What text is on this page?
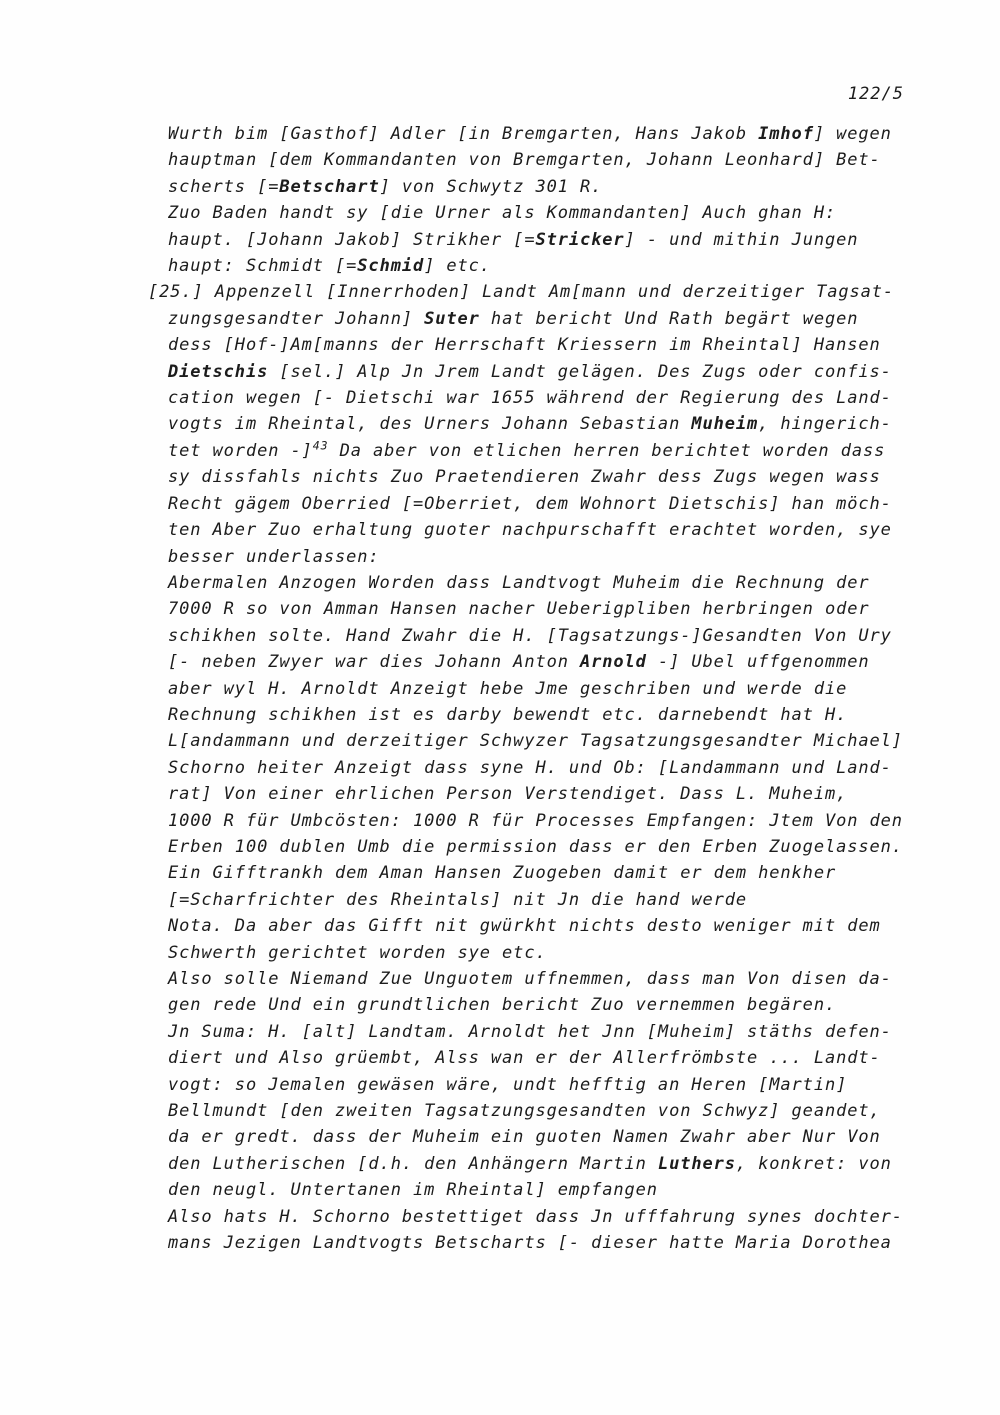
122/5
Wurth bim [Gasthof] Adler [in Bremgarten, Hans Jakob Imhof] wegen
hauptman [dem Kommandanten von Bremgarten, Johann Leonhard] Bet-
scherts [=Betschart] von Schwytz 301 R.
Zuo Baden handt sy [die Urner als Kommandanten] Auch ghan H:
haupt. [Johann Jakob] Strikher [=Stricker] - und mithin Jungen
haupt: Schmidt [=Schmid] etc.
[25.] Appenzell [Innerrhoden] Landt Am[mann und derzeitiger Tagsat-
zungsgesandter Johann] Suter hat bericht Und Rath begärt wegen
dess [Hof-]Am[manns der Herrschaft Kriessern im Rheintal] Hansen
Dietschis [sel.] Alp Jn Jrem Landt gelägen. Des Zugs oder confis-
cation wegen [- Dietschi war 1655 während der Regierung des Land-
vogts im Rheintal, des Urners Johann Sebastian Muheim, hingerich-
tet worden -]$^{43}$ Da aber von etlichen herren berichtet worden dass
sy dissfahls nichts Zuo Praetendieren Zwahr dess Zugs wegen wass
Recht gägem Oberried [=Oberriet, dem Wohnort Dietschis] han möch-
ten Aber Zuo erhaltung guoter nachpurschafft erachtet worden, sye
besser underlassen:
Abermalen Anzogen Worden dass Landtvogt Muheim die Rechnung der
7000 R so von Amman Hansen nacher Ueberigpliben herbringen oder
schikhen solte. Hand Zwahr die H. [Tagsatzungs-]Gesandten Von Ury
[- neben Zwyer war dies Johann Anton Arnold -] Ubel uffgenommen
aber wyl H. Arnoldt Anzeigt hebe Jme geschriben und werde die
Rechnung schikhen ist es darby bewendt etc. darnebendt hat H.
L[andammann und derzeitiger Schwyzer Tagsatzungsgesandter Michael]
Schorno heiter Anzeigt dass syne H. und Ob: [Landammann und Land-
rat] Von einer ehrlichen Person Verstendiget. Dass L. Muheim,
1000 R für Umbcösten: 1000 R für Processes Empfangen: Jtem Von den
Erben 100 dublen Umb die permission dass er den Erben Zuogelassen.
Ein Gifftrankh dem Aman Hansen Zuogeben damit er dem henkher
[=Scharfrichter des Rheintals] nit Jn die hand werde
Nota. Da aber das Gifft nit gwürkht nichts desto weniger mit dem
Schwerth gerichtet worden sye etc.
Also solle Niemand Zue Unguotem uffnemmen, dass man Von disen da-
gen rede Und ein grundtlichen bericht Zuo vernemmen begären.
Jn Suma: H. [alt] Landtam. Arnoldt het Jnn [Muheim] stäths defen-
diert und Also grüembt, Alss wan er der Allerfrömbste ... Landt-
vogt: so Jemalen gewäsen wäre, undt hefftig an Heren [Martin]
Bellmundt [den zweiten Tagsatzungsgesandten von Schwyz] geandet,
da er gredt. dass der Muheim ein guoten Namen Zwahr aber Nur Von
den Lutherischen [d.h. den Anhängern Martin Luthers, konkret: von
den neugl. Untertanen im Rheintal] empfangen
Also hats H. Schorno bestettiget dass Jn ufffahrung synes dochter-
mans Jezigen Landtvogts Betscharts [- dieser hatte Maria Dorothea
